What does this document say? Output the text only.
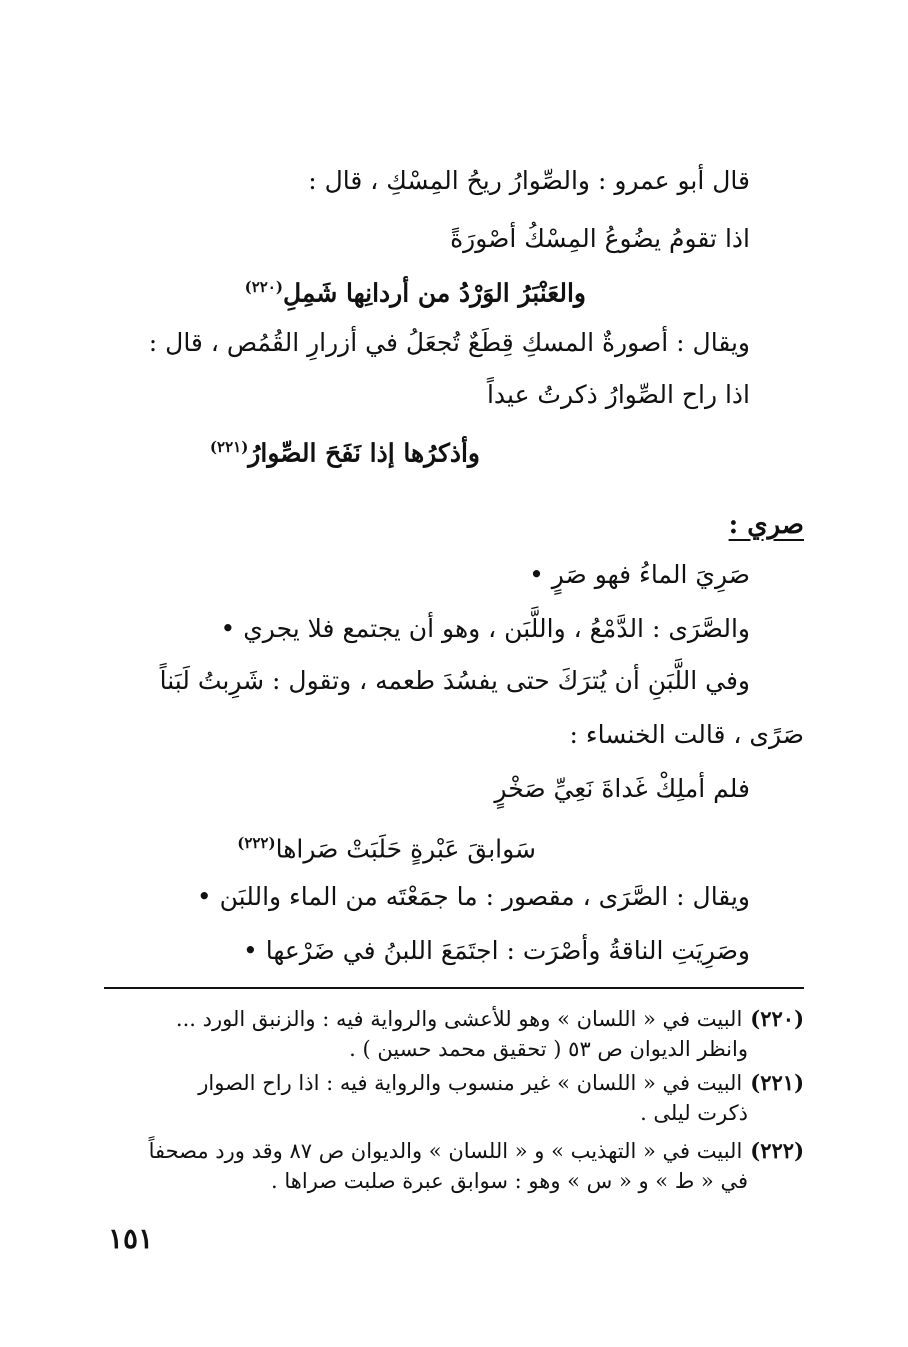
قال أبو عمرو : والصِّوارُ ريحُ المِسْكِ ، قال :
اذا تقومُ يضُوعُ المِسْكُ أصْورَةً
والعَنْبَرُ الوَرْدُ من أردانِها شَمِلِ$^{(٢٢٠)}$
ويقال : أصورةٌ المسكِ قِطَعٌ تُجعَلُ في أزرارِ القُمُص ، قال :
اذا راح الصِّوارُ ذكرتُ عيداً
وأذكرُها إذا نَفَحَ الصِّوارُ$^{(٢٢١)}$
صري :
صَرِيَ الماءُ فهو صَرٍ •
والصَّرَى : الدَّمْعُ ، واللَّبَن ، وهو أن يجتمع فلا يجري •
وفي اللَّبَنِ أن يُترَكَ حتى يفسُدَ طعمه ، وتقول : شَرِبتُ لَبَناً
صَرًى ، قالت الخنساء :
فلم أملِكْ غَداةَ نَعِيِّ صَخْرٍ
سَوابقَ عَبْرةٍ حَلَبَتْ صَراها$^{(٢٢٢)}$
ويقال : الصَّرَى ، مقصور : ما جمَعْتَه من الماء واللبَن •
وصَرِيَتِ الناقةُ وأصْرَت : اجتَمَعَ اللبنُ في ضَرْعها •
(٢٢٠)البيت في « اللسان » وهو للأعشى والرواية فيه : والزنبق الورد ...
وانظر الديوان ص ٥٣ ( تحقيق محمد حسين ) .
(٢٢١)البيت في « اللسان » غير منسوب والرواية فيه : اذا راح الصوار
ذكرت ليلى .
(٢٢٢)البيت في « التهذيب » و « اللسان » والديوان ص ٨٧ وقد ورد مصحفاً
في « ط » و « س » وهو : سوابق عبرة صلبت صراها .
١٥١
